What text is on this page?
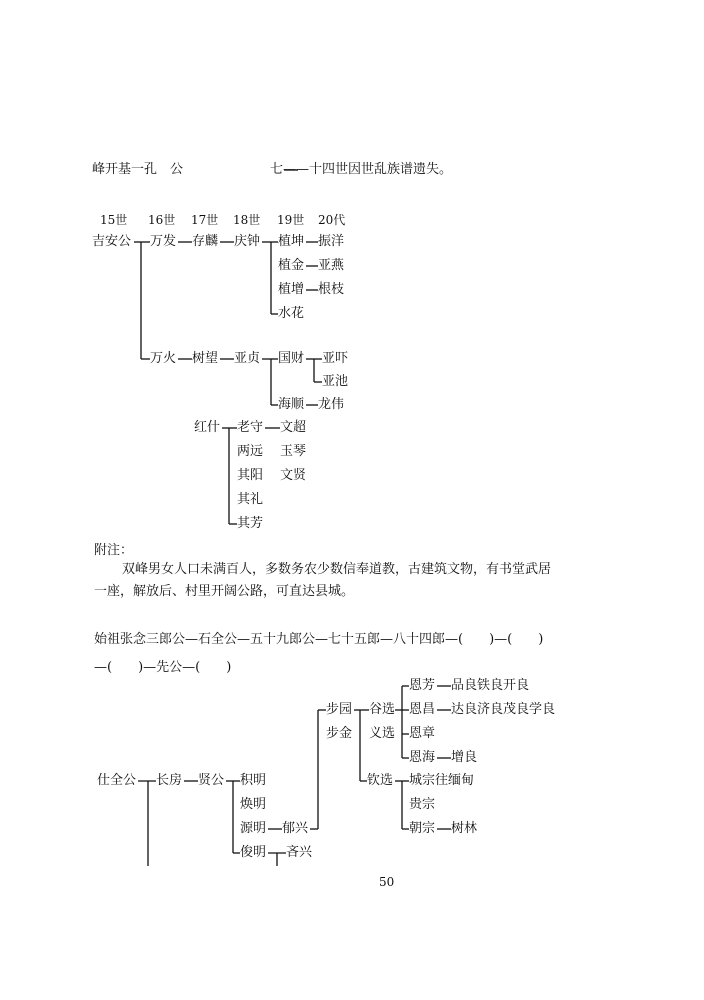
峰开基一孔　公	七——十四世因世乱族谱遗失。
15世 16世 17世 18世 19世 20代
吉安公 万发 存麟 庆钟 植坤 振洋
植金 亚燕
植增 根枝
水花
万火 树望 亚贞 国财 亚吓
亚池
海顺 龙伟
红什 老守 文超
两远 玉琴
其阳 文贤
其礼
其芳
附注：
双峰男女人口未满百人，多数务农少数信奉道教，古建筑文物，有书堂武居
一座，解放后、村里开阔公路，可直达县城。
始祖张念三郎公—石全公—五十九郎公—七十五郎—八十四郎—(　　)—(　　)
—(　　)—先公—(　　)
仕全公 长房 贤公 积明
焕明
源明 郁兴
俊明 吝兴
步园
步金
谷选
义选
钦选
恩芳 品良铁良开良
恩昌 达良济良茂良学良
恩章
恩海 增良
城宗往缅甸
贵宗
朝宗 树林
50
